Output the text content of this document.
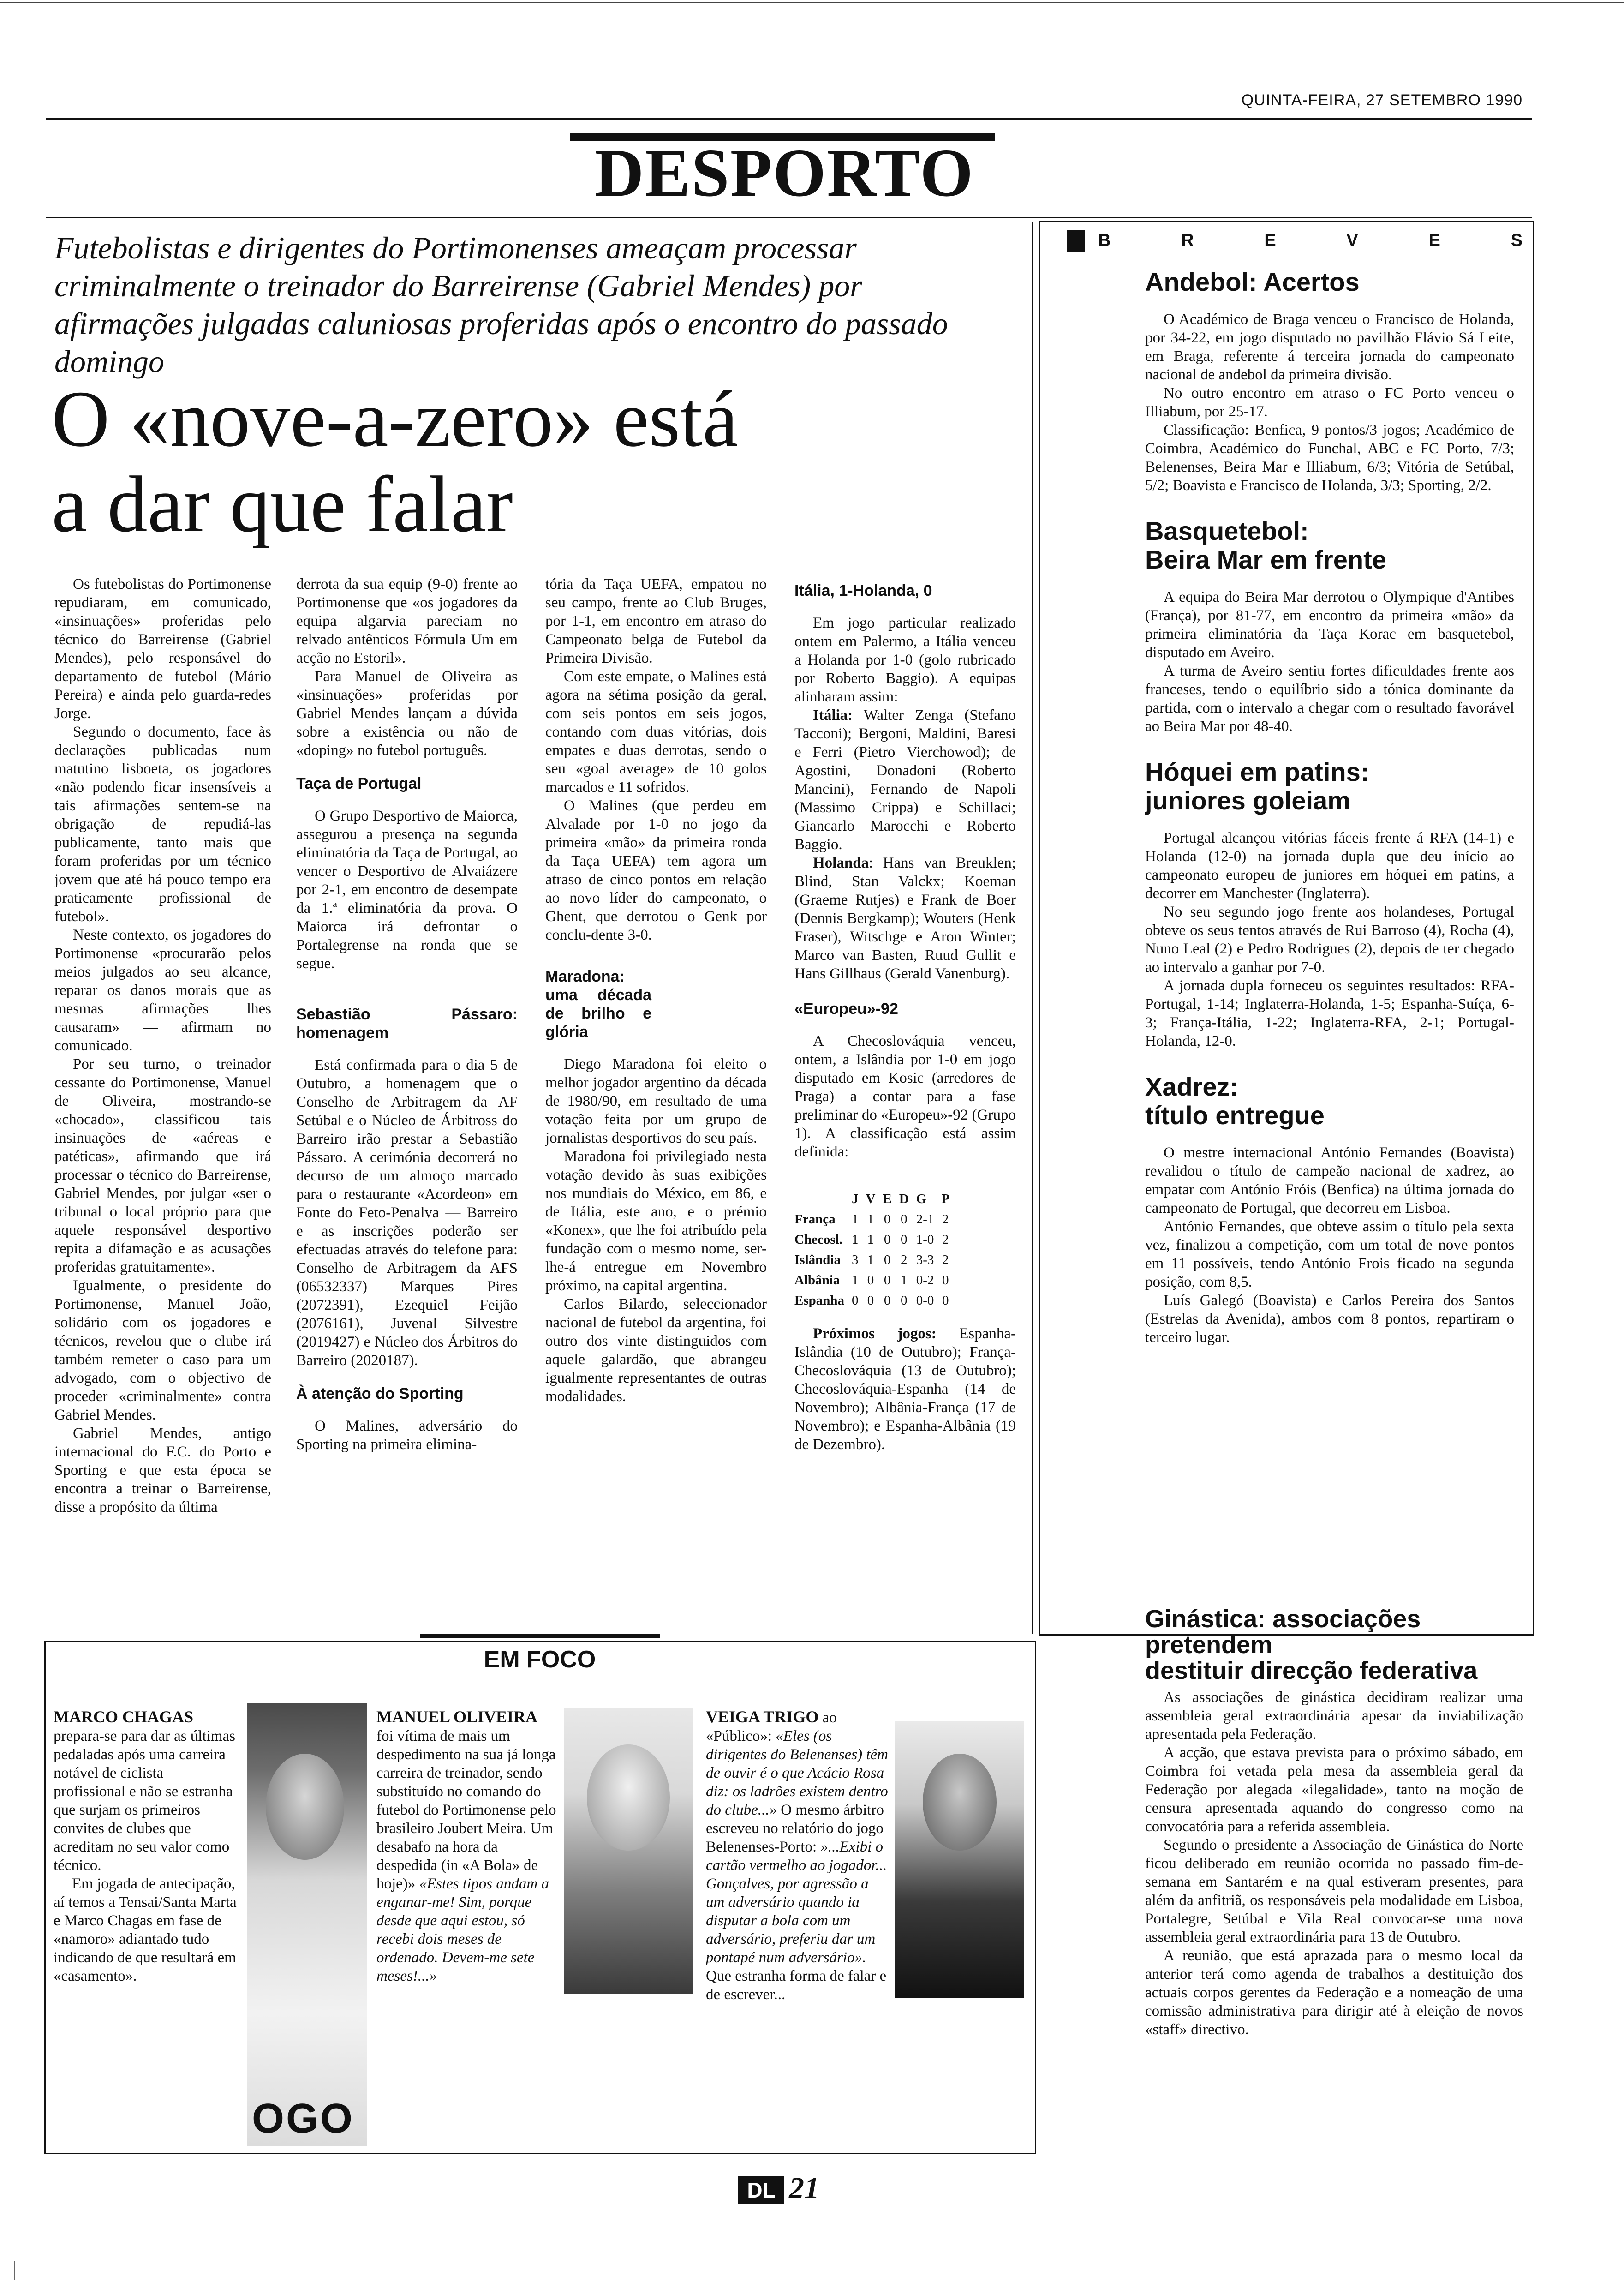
QUINTA-FEIRA, 27 SETEMBRO 1990
DESPORTO
Futebolistas e dirigentes do Portimonenses ameaçam processar criminalmente o treinador do Barreirense (Gabriel Mendes) por afirmações julgadas caluniosas proferidas após o encontro do passado domingo
O «nove-a-zero» está
a dar que falar

Os futebolistas do Portimonense repudiaram, em comunicado, «insinuações» proferidas pelo técnico do Barreirense (Gabriel Mendes), pelo responsável do departamento de futebol (Mário Pereira) e ainda pelo guarda-redes Jorge.

Segundo o documento, face às declarações publicadas num matutino lisboeta, os jogadores «não podendo ficar insensíveis a tais afirmações sentem-se na obrigação de repudiá-las publicamente, tanto mais que foram proferidas por um técnico jovem que até há pouco tempo era praticamente profissional de futebol».

Neste contexto, os jogadores do Portimonense «procurarão pelos meios julgados ao seu alcance, reparar os danos morais que as mesmas afirmações lhes causaram» — afirmam no comunicado.

Por seu turno, o treinador cessante do Portimonense, Manuel de Oliveira, mostrando-se «chocado», classificou tais insinuações de «aéreas e patéticas», afirmando que irá processar o técnico do Barreirense, Gabriel Mendes, por julgar «ser o tribunal o local próprio para que aquele responsável desportivo repita a difamação e as acusações proferidas gratuitamente».

Igualmente, o presidente do Portimonense, Manuel João, solidário com os jogadores e técnicos, revelou que o clube irá também remeter o caso para um advogado, com o objectivo de proceder «criminalmente» contra Gabriel Mendes.

Gabriel Mendes, antigo internacional do F.C. do Porto e Sporting e que esta época se encontra a treinar o Barreirense, disse a propósito da última

derrota da sua equip (9-0) frente ao Portimonense que «os jogadores da equipa algarvia pareciam no relvado antênticos Fórmula Um em acção no Estoril».

Para Manuel de Oliveira as «insinuações» proferidas por Gabriel Mendes lançam a dúvida sobre a existência ou não de «doping» no futebol português.

Taça de Portugal

O Grupo Desportivo de Maiorca, assegurou a presença na segunda eliminatória da Taça de Portugal, ao vencer o Desportivo de Alvaiázere por 2-1, em encontro de desempate da 1.ª eliminatória da prova. O Maiorca irá defrontar o Portalegrense na ronda que se segue.

Sebastião Pássaro: homenagem

Está confirmada para o dia 5 de Outubro, a homenagem que o Conselho de Arbitragem da AF Setúbal e o Núcleo de Árbitross do Barreiro irão prestar a Sebastião Pássaro. A cerimónia decorrerá no decurso de um almoço marcado para o restaurante «Acordeon» em Fonte do Feto-Penalva — Barreiro e as inscrições poderão ser efectuadas através do telefone para: Conselho de Arbitragem da AFS (06532337) Marques Pires (2072391), Ezequiel Feijão (2076161), Juvenal Silvestre (2019427) e Núcleo dos Árbitros do Barreiro (2020187).

À atenção do Sporting

O Malines, adversário do Sporting na primeira elimina-

tória da Taça UEFA, empatou no seu campo, frente ao Club Bruges, por 1-1, em encontro em atraso do Campeonato belga de Futebol da Primeira Divisão.

Com este empate, o Malines está agora na sétima posição da geral, com seis pontos em seis jogos, contando com duas vitórias, dois empates e duas derrotas, sendo o seu «goal average» de 10 golos marcados e 11 sofridos.

O Malines (que perdeu em Alvalade por 1-0 no jogo da primeira «mão» da primeira ronda da Taça UEFA) tem agora um atraso de cinco pontos em relação ao novo líder do campeonato, o Ghent, que derrotou o Genk por conclu-dente 3-0.

Maradona: uma década de brilho e glória

Diego Maradona foi eleito o melhor jogador argentino da década de 1980/90, em resultado de uma votação feita por um grupo de jornalistas desportivos do seu país.

Maradona foi privilegiado nesta votação devido às suas exibições nos mundiais do México, em 86, e de Itália, este ano, e o prémio «Konex», que lhe foi atribuído pela fundação com o mesmo nome, ser-lhe-á entregue em Novembro próximo, na capital argentina.

Carlos Bilardo, seleccionador nacional de futebol da argentina, foi outro dos vinte distinguidos com aquele galardão, que abrangeu igualmente representantes de outras modalidades.

Itália, 1-Holanda, 0

Em jogo particular realizado ontem em Palermo, a Itália venceu a Holanda por 1-0 (golo rubricado por Roberto Baggio). A equipas alinharam assim:

Itália: Walter Zenga (Stefano Tacconi); Bergoni, Maldini, Baresi e Ferri (Pietro Vierchowod); de Agostini, Donadoni (Roberto Mancini), Fernando de Napoli (Massimo Crippa) e Schillaci; Giancarlo Marocchi e Roberto Baggio.

Holanda: Hans van Breuklen; Blind, Stan Valckx; Koeman (Graeme Rutjes) e Frank de Boer (Dennis Bergkamp); Wouters (Henk Fraser), Witschge e Aron Winter; Marco van Basten, Ruud Gullit e Hans Gillhaus (Gerald Vanenburg).

«Europeu»-92

A Checoslováquia venceu, ontem, a Islândia por 1-0 em jogo disputado em Kosic (arredores de Praga) a contar para a fase preliminar do «Europeu»-92 (Grupo 1). A classificação está assim definida:

	J	V	E	D	G	P
França	1	1	0	0	2-1	2
Checosl.	1	1	0	0	1-0	2
Islândia	3	1	0	2	3-3	2
Albânia	1	0	0	1	0-2	0
Espanha	0	0	0	0	0-0	0

Próximos jogos: Espanha-Islândia (10 de Outubro); França-Checoslováquia (13 de Outubro); Checoslováquia-Espanha (14 de Novembro); Albânia-França (17 de Novembro); e Espanha-Albânia (19 de Dezembro).

B	R	E	V	E	S
Andebol: Acertos

O Académico de Braga venceu o Francisco de Holanda, por 34-22, em jogo disputado no pavilhão Flávio Sá Leite, em Braga, referente á terceira jornada do campeonato nacional de andebol da primeira divisão.

No outro encontro em atraso o FC Porto venceu o Illiabum, por 25-17.

Classificação: Benfica, 9 pontos/3 jogos; Académico de Coimbra, Académico do Funchal, ABC e FC Porto, 7/3; Belenenses, Beira Mar e Illiabum, 6/3; Vitória de Setúbal, 5/2; Boavista e Francisco de Holanda, 3/3; Sporting, 2/2.

Basquetebol:
Beira Mar em frente

A equipa do Beira Mar derrotou o Olympique d'Antibes (França), por 81-77, em encontro da primeira «mão» da primeira eliminatória da Taça Korac em basquetebol, disputado em Aveiro.

A turma de Aveiro sentiu fortes dificuldades frente aos franceses, tendo o equilíbrio sido a tónica dominante da partida, com o intervalo a chegar com o resultado favorável ao Beira Mar por 48-40.

Hóquei em patins:
juniores goleiam

Portugal alcançou vitórias fáceis frente á RFA (14-1) e Holanda (12-0) na jornada dupla que deu início ao campeonato europeu de juniores em hóquei em patins, a decorrer em Manchester (Inglaterra).

No seu segundo jogo frente aos holandeses, Portugal obteve os seus tentos através de Rui Barroso (4), Rocha (4), Nuno Leal (2) e Pedro Rodrigues (2), depois de ter chegado ao intervalo a ganhar por 7-0.

A jornada dupla forneceu os seguintes resultados: RFA-Portugal, 1-14; Inglaterra-Holanda, 1-5; Espanha-Suíça, 6-3; França-Itália, 1-22; Inglaterra-RFA, 2-1; Portugal-Holanda, 12-0.

Xadrez:
título entregue

O mestre internacional António Fernandes (Boavista) revalidou o título de campeão nacional de xadrez, ao empatar com António Fróis (Benfica) na última jornada do campeonato de Portugal, que decorreu em Lisboa.

António Fernandes, que obteve assim o título pela sexta vez, finalizou a competição, com um total de nove pontos em 11 possíveis, tendo António Frois ficado na segunda posição, com 8,5.

Luís Galegó (Boavista) e Carlos Pereira dos Santos (Estrelas da Avenida), ambos com 8 pontos, repartiram o terceiro lugar.

Ginástica: associações
pretendem
destituir direcção federativa

As associações de ginástica decidiram realizar uma assembleia geral extraordinária apesar da inviabilização apresentada pela Federação.

A acção, que estava prevista para o próximo sábado, em Coimbra foi vetada pela mesa da assembleia geral da Federação por alegada «ilegalidade», tanto na moção de censura apresentada aquando do congresso como na convocatória para a referida assembleia.

Segundo o presidente a Associação de Ginástica do Norte ficou deliberado em reunião ocorrida no passado fim-de-semana em Santarém e na qual estiveram presentes, para além da anfitriã, os responsáveis pela modalidade em Lisboa, Portalegre, Setúbal e Vila Real convocar-se uma nova assembleia geral extraordinária para 13 de Outubro.

A reunião, que está aprazada para o mesmo local da anterior terá como agenda de trabalhos a destituição dos actuais corpos gerentes da Federação e a nomeação de uma comissão administrativa para dirigir até à eleição de novos «staff» directivo.

EM FOCO

MARCO CHAGAS prepara-se para dar as últimas pedaladas após uma carreira notável de ciclista profissional e não se estranha que surjam os primeiros convites de clubes que acreditam no seu valor como técnico.

Em jogada de antecipação, aí temos a Tensai/Santa Marta e Marco Chagas em fase de «namoro» adiantado tudo indicando de que resultará em «casamento».

OGO

MANUEL OLIVEIRA foi vítima de mais um despedimento na sua já longa carreira de treinador, sendo substituído no comando do futebol do Portimonense pelo brasileiro Joubert Meira. Um desabafo na hora da despedida (in «A Bola» de hoje)» «Estes tipos andam a enganar-me! Sim, porque desde que aqui estou, só recebi dois meses de ordenado. Devem-me sete meses!...»

VEIGA TRIGO ao «Público»: «Eles (os dirigentes do Belenenses) têm de ouvir é o que Acácio Rosa diz: os ladrões existem dentro do clube...» O mesmo árbitro escreveu no relatório do jogo Belenenses-Porto: »...Exibi o cartão vermelho ao jogador... Gonçalves, por agressão a um adversário quando ia disputar a bola com um adversário, preferiu dar um pontapé num adversário». Que estranha forma de falar e de escrever...

DL 21
